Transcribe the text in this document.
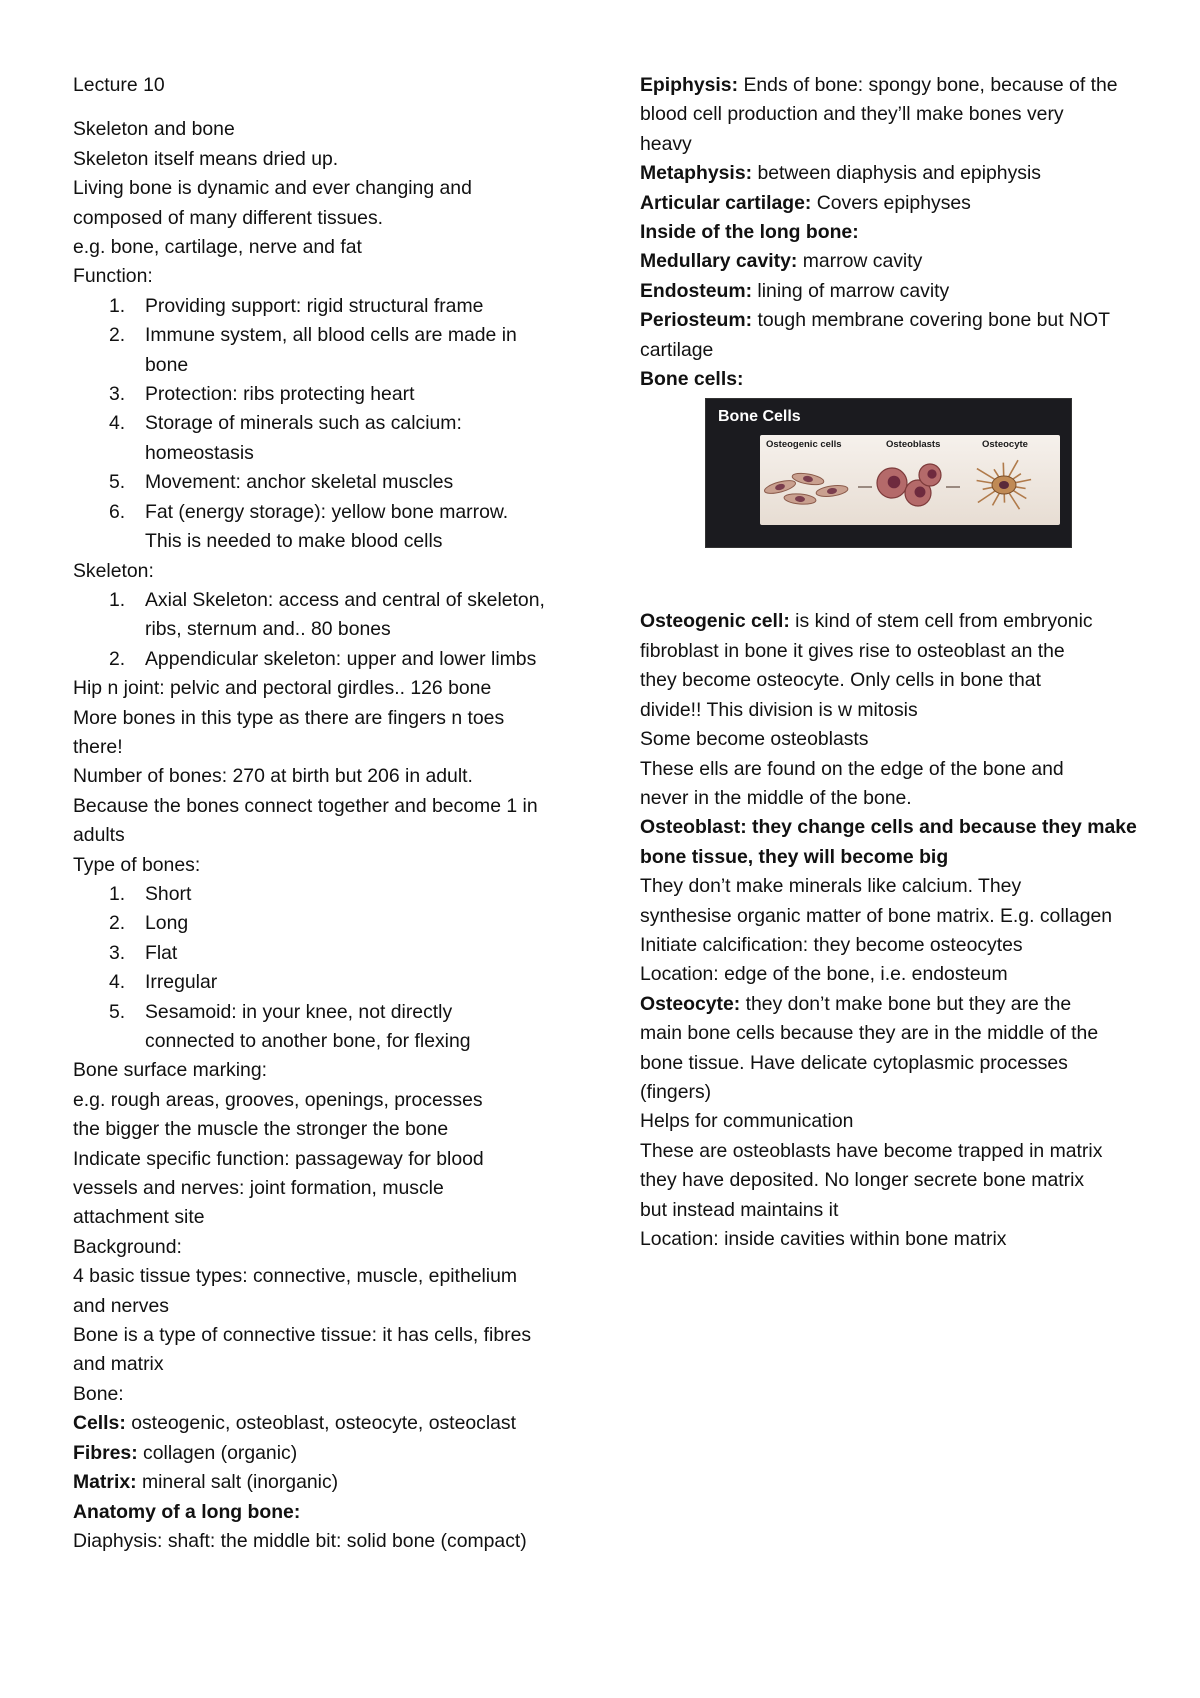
Lecture 10
Skeleton and bone
Skeleton itself means dried up.
Living bone is dynamic and ever changing and
composed of many different tissues.
e.g. bone, cartilage, nerve and fat
Function:
1. Providing support: rigid structural frame
2. Immune system, all blood cells are made in
bone
3. Protection: ribs protecting heart
4. Storage of minerals such as calcium:
homeostasis
5. Movement: anchor skeletal muscles
6. Fat (energy storage): yellow bone marrow.
This is needed to make blood cells
Skeleton:
1. Axial Skeleton: access and central of skeleton,
ribs, sternum and.. 80 bones
2. Appendicular skeleton: upper and lower limbs
Hip n joint: pelvic and pectoral girdles.. 126 bone
More bones in this type as there are fingers n toes
there!
Number of bones: 270 at birth but 206 in adult.
Because the bones connect together and become 1 in
adults
Type of bones:
1. Short
2. Long
3. Flat
4. Irregular
5. Sesamoid: in your knee, not directly
connected to another bone, for flexing
Bone surface marking:
e.g. rough areas, grooves, openings, processes
the bigger the muscle the stronger the bone
Indicate specific function: passageway for blood
vessels and nerves: joint formation, muscle
attachment site
Background:
4 basic tissue types: connective, muscle, epithelium
and nerves
Bone is a type of connective tissue: it has cells, fibres
and matrix
Bone:
Cells: osteogenic, osteoblast, osteocyte, osteoclast
Fibres: collagen (organic)
Matrix: mineral salt (inorganic)
Anatomy of a long bone:
Diaphysis: shaft: the middle bit: solid bone (compact)
Epiphysis: Ends of bone: spongy bone, because of the
blood cell production and they’ll make bones very
heavy
Metaphysis: between diaphysis and epiphysis
Articular cartilage: Covers epiphyses
Inside of the long bone:
Medullary cavity: marrow cavity
Endosteum: lining of marrow cavity
Periosteum: tough membrane covering bone but NOT
cartilage
Bone cells:
Bone Cells
Osteogenic cells	Osteoblasts	Osteocyte
Osteogenic cell: is kind of stem cell from embryonic
fibroblast in bone it gives rise to osteoblast an the
they become osteocyte. Only cells in bone that
divide!! This division is w mitosis
Some become osteoblasts
These ells are found on the edge of the bone and
never in the middle of the bone.
Osteoblast: they change cells and because they make
bone tissue, they will become big
They don’t make minerals like calcium. They
synthesise organic matter of bone matrix. E.g. collagen
Initiate calcification: they become osteocytes
Location: edge of the bone, i.e. endosteum
Osteocyte: they don’t make bone but they are the
main bone cells because they are in the middle of the
bone tissue. Have delicate cytoplasmic processes
(fingers)
Helps for communication
These are osteoblasts have become trapped in matrix
they have deposited. No longer secrete bone matrix
but instead maintains it
Location: inside cavities within bone matrix
